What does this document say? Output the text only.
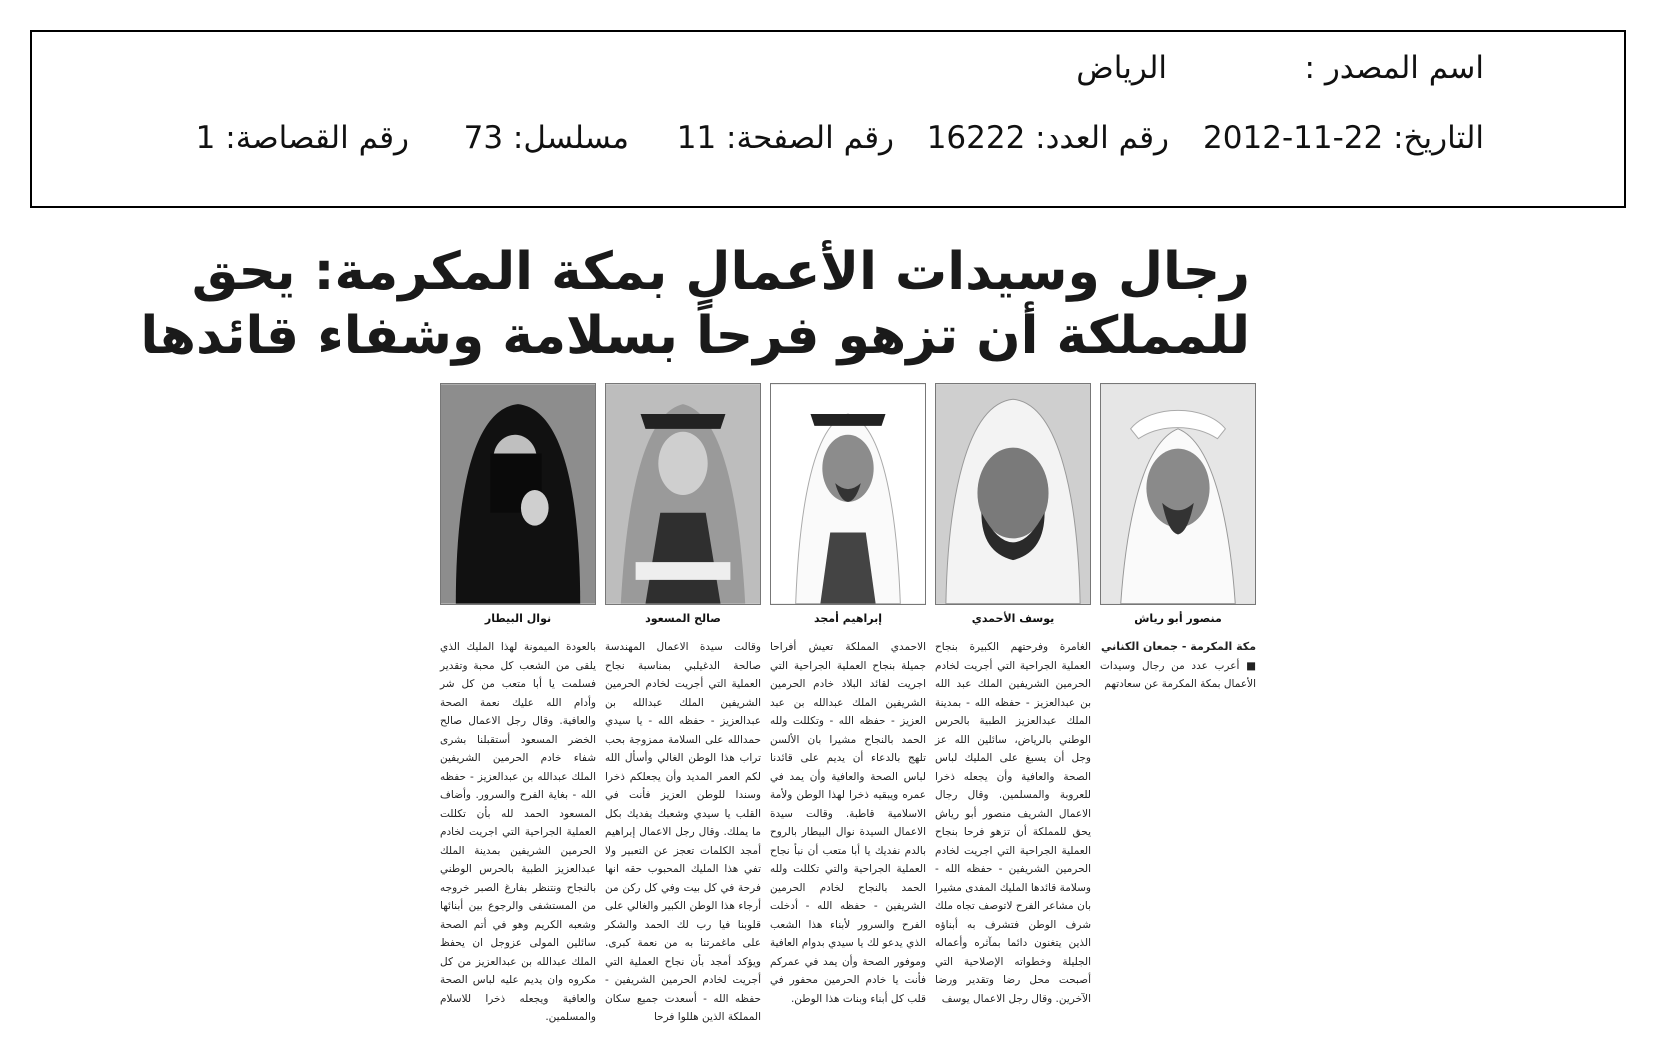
اسم المصدر :
الرياض
التاريخ: 22-11-2012
رقم العدد: 16222
رقم الصفحة: 11
مسلسل: 73
رقم القصاصة: 1
رجال وسيدات الأعمال بمكة المكرمة: يحق
للمملكة أن تزهو فرحاً بسلامة وشفاء قائدها
منصور أبو رياش
يوسف الأحمدي
إبراهيم أمجد
صالح المسعود
نوال البيطار
مكة المكرمة - جمعان الكناني
■ أعرب عدد من رجال وسيدات الأعمال بمكة المكرمة عن سعادتهم
الغامرة وفرحتهم الكبيرة بنجاح العملية الجراحية التي أجريت لخادم الحرمين الشريفين الملك عبد الله بن عبدالعزيز - حفظه الله - بمدينة الملك عبدالعزيز الطبية بالحرس الوطني بالرياض، سائلين الله عز وجل أن يسبغ على المليك لباس الصحة والعافية وأن يجعله ذخرا للعروبة والمسلمين. وقال رجال الاعمال الشريف منصور أبو رياش يحق للمملكة أن تزهو فرحا بنجاح العملية الجراحية التي اجريت لخادم الحرمين الشريفين - حفظه الله - وسلامة قائدها المليك المفدى مشيرا بان مشاعر الفرح لاتوصف تجاه ملك شرف الوطن فتشرف به أبناؤه الذين يتغنون دائما بمآثره وأعماله الجليلة وخطواته الإصلاحية التي أصبحت محل رضا وتقدير ورضا الآخرين. وقال رجل الاعمال يوسف
الاحمدي المملكة تعيش أفراحا جميلة بنجاح العملية الجراحية التي اجريت لقائد البلاد خادم الحرمين الشريفين الملك عبدالله بن عبد العزيز - حفظه الله - وتكللت ولله الحمد بالنجاح مشيرا بان الألسن تلهج بالدعاء أن يديم على قائدنا لباس الصحة والعافية وأن يمد في عمره ويبقيه ذخرا لهذا الوطن ولأمة الاسلامية قاطبة. وقالت سيدة الاعمال السيدة نوال البيطار بالروح بالدم نفديك يا أبا متعب أن نبأ نجاح العملية الجراحية والتي تكللت ولله الحمد بالنجاح لخادم الحرمين الشريفين - حفظه الله - أدخلت الفرح والسرور لأبناء هذا الشعب الذي يدعو لك يا سيدي بدوام العافية وموفور الصحة وأن يمد في عمركم فأنت يا خادم الحرمين محفور في قلب كل أبناء وبنات هذا الوطن.
وقالت سيدة الاعمال المهندسة صالحة الدغيلبي بمناسبة نجاح العملية التي أجريت لخادم الحرمين الشريفين الملك عبدالله بن عبدالعزيز - حفظه الله - يا سيدي حمدالله على السلامة ممزوجة بحب تراب هذا الوطن الغالي وأسأل الله لكم العمر المديد وأن يجعلكم ذخرا وسندا للوطن العزيز فأنت في القلب يا سيدي وشعبك يفديك بكل ما يملك. وقال رجل الاعمال إبراهيم أمجد الكلمات تعجز عن التعبير ولا تفي هذا المليك المحبوب حقه انها فرحة في كل بيت وفي كل ركن من أرجاء هذا الوطن الكبير والغالي على قلوبنا فيا رب لك الحمد والشكر على ماغمرتنا به من نعمة كبرى. ويؤكد أمجد بأن نجاح العملية التي أجريت لخادم الحرمين الشريفين - حفظه الله - أسعدت جميع سكان المملكة الذين هللوا فرحا
بالعودة الميمونة لهذا المليك الذي يلقى من الشعب كل محبة وتقدير فسلمت يا أبا متعب من كل شر وأدام الله عليك نعمة الصحة والعافية. وقال رجل الاعمال صالح الخضر المسعود أستقبلنا بشرى شفاء خادم الحرمين الشريفين الملك عبدالله بن عبدالعزيز - حفظه الله - بغاية الفرح والسرور. وأضاف المسعود الحمد لله بأن تكللت العملية الجراحية التي اجريت لخادم الحرمين الشريفين بمدينة الملك عبدالعزيز الطبية بالحرس الوطني بالنجاح ونتنظر بفارغ الصبر خروجه من المستشفى والرجوع بين أبنائها وشعبه الكريم وهو في أتم الصحة سائلين المولى عزوجل ان يحفظ الملك عبدالله بن عبدالعزيز من كل مكروه وان يديم عليه لباس الصحة والعافية ويجعله ذخرا للاسلام والمسلمين.
